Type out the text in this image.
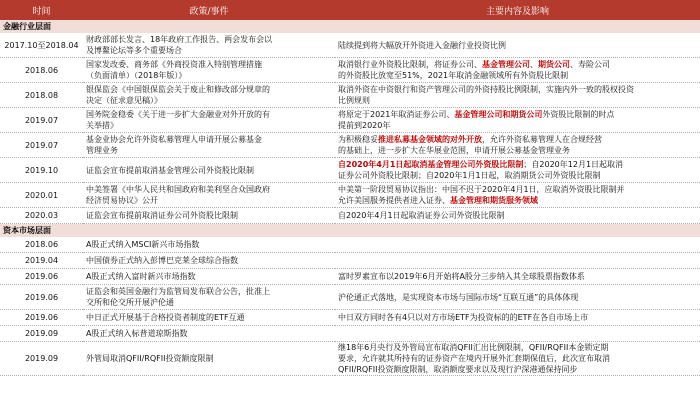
时间	政策/事件	主要内容及影响
金融行业层面		
2017.10至2018.04	财政部部长发言、18年政府工作报告、两会发布会以
及博鳌论坛等多个重要场合	陆续提到将大幅放开外资进入金融行业投资比例
2018.06	国家发改委、商务部《外商投资准入特别管理措施
（负面清单）（2018年版）》	取消银行业外资股比限制，将证券公司、基金管理公司、期货公司、寿险公司
的外资股比放宽至51%，2021年取消金融领域所有外资股比限制
2018.08	银保监会《中国银保监会关于废止和修改部分规章的
决定（征求意见稿）》	取消外资在中资银行和资产管理公司的外资持股比例限制，实施内外一致的股权投资
比例规则
2019.07	国务院金稳委《关于进一步扩大金融业对外开放的有
关举措》	将原定于2021年取消证券公司、基金管理公司和期货公司外资股比限制的时点
提前到2020年
2019.07	基金业协会允许外资私募管理人申请开展公募基金
管理业务	为积极稳妥推进私募基金领域的对外开放，允许外资私募管理人在合规经营
的基础上，进一步扩大在华展业范围，申请开展公募基金管理业务
2019.10	证监会宣布提前取消基金管理公司外资股比限制	自2020年4月1日起取消基金管理公司外资股比限制；自2020年12月1日起取消
证券公司外资股比限制；自2020年1月1日起，取消期货公司外资股比限制
2020.01	中美签署《中华人民共和国政府和美利坚合众国政府
经济贸易协议》公开	中美第一阶段贸易协议指出：中国不迟于2020年4月1日，应取消外资股比限制并
允许美国服务提供者进入证券、基金管理和期货服务领域
2020.03	证监会宣布提前取消证券公司外资股比限制	自2020年4月1日起取消证券公司外资股比限制
资本市场层面		
2018.06	A股正式纳入MSCI新兴市场指数	
2019.04	中国债券正式纳入彭博巴克莱全球综合指数	
2019.06	A股正式纳入富时新兴市场指数	富时罗素宣布以2019年6月开始将A股分三步纳入其全球股票指数体系
2019.06	证监会和英国金融行为监管局发布联合公告，批准上
交所和伦交所开展沪伦通	沪伦通正式落地，是实现资本市场与国际市场“互联互通”的具体体现
2019.06	中日正式开展基于合格投资者制度的ETF互通	中日双方同时各有4只以对方市场ETF为投资标的的ETF在各自市场上市
2019.09	A股正式纳入标普道琼斯指数	
2019.09	外管局取消QFII/RQFII投资额度限制	继18年6月央行及外管局宣布取消QFII汇出比例限制，QFII/RQFII本金锁定期
要求，允许就其所持有的证券资产在境内开展外汇套期保值后，此次宣布取消
QFII/RQFII投资额度限制，取消额度要求以及现行沪深港通保持同步
